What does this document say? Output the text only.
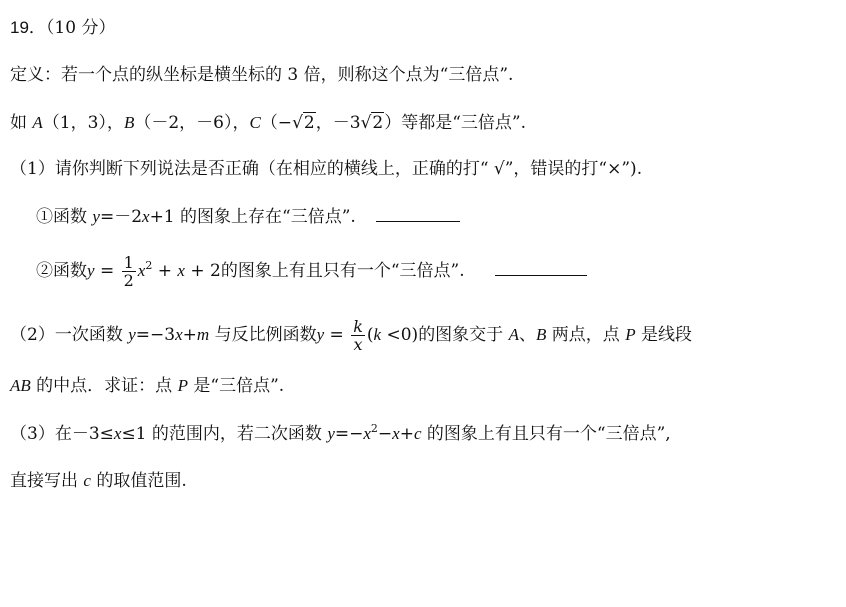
19．（10 分）
定义：若一个点的纵坐标是横坐标的 3 倍，则称这个点为“三倍点”.
如 A（1，3），B（－2，－6），C（−√2，－3√2）等都是“三倍点”.
（1）请你判断下列说法是否正确（在相应的横线上，正确的打“ √”，错误的打“×”).
①函数 y=－2x+1 的图象上存在“三倍点”.
②函数$y = \frac{1}{2} x^2 + x + 2$的图象上有且只有一个“三倍点”.
（2）一次函数 y=−3x+m 与反比例函数$y = \frac{k}{x} (k <0)$的图象交于 A、B 两点，点 P 是线段
AB 的中点．求证：点 P 是“三倍点”.
（3）在－3≤x≤1 的范围内，若二次函数 $y=-x^2-x+c$ 的图象上有且只有一个“三倍点”,
直接写出 c 的取值范围.
